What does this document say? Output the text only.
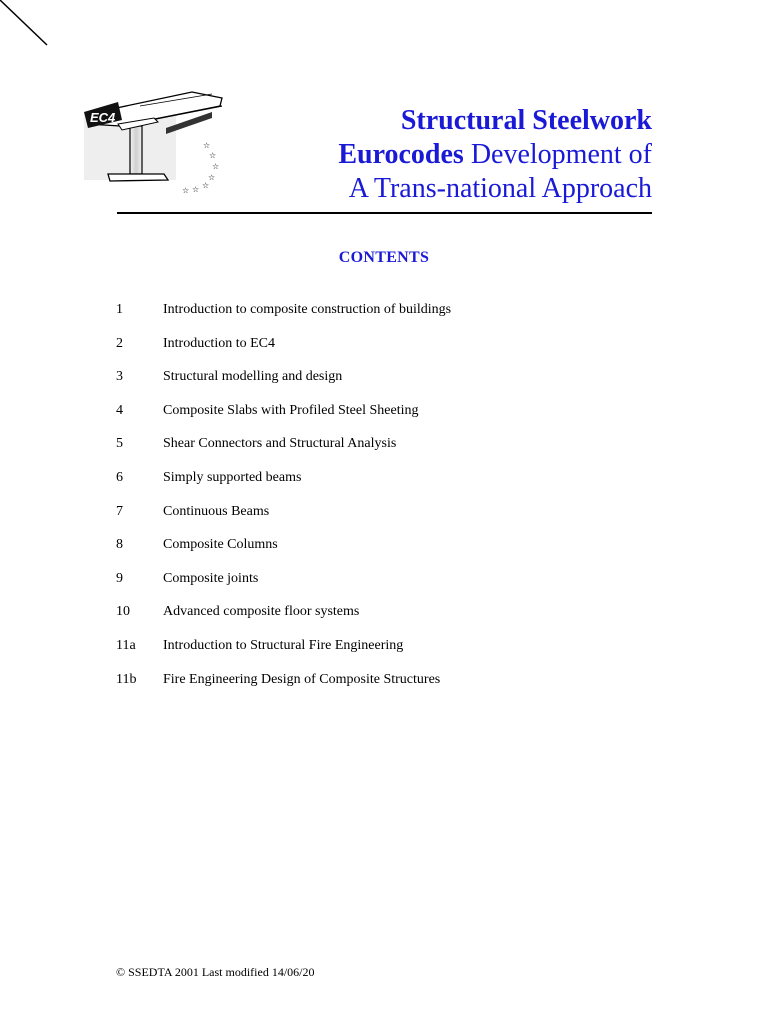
EC4
☆
☆
☆
☆
☆
☆
☆
Structural Steelwork
Eurocodes Development of
A Trans-national Approach
CONTENTS
1	Introduction to composite construction of buildings
2	Introduction to EC4
3	Structural modelling and design
4	Composite Slabs with Profiled Steel Sheeting
5	Shear Connectors and Structural Analysis
6	Simply supported beams
7	Continuous Beams
8	Composite Columns
9	Composite joints
10	Advanced composite floor systems
11a	Introduction to Structural Fire Engineering
11b	Fire Engineering Design of Composite Structures
© SSEDTA 2001 Last modified 14/06/20
